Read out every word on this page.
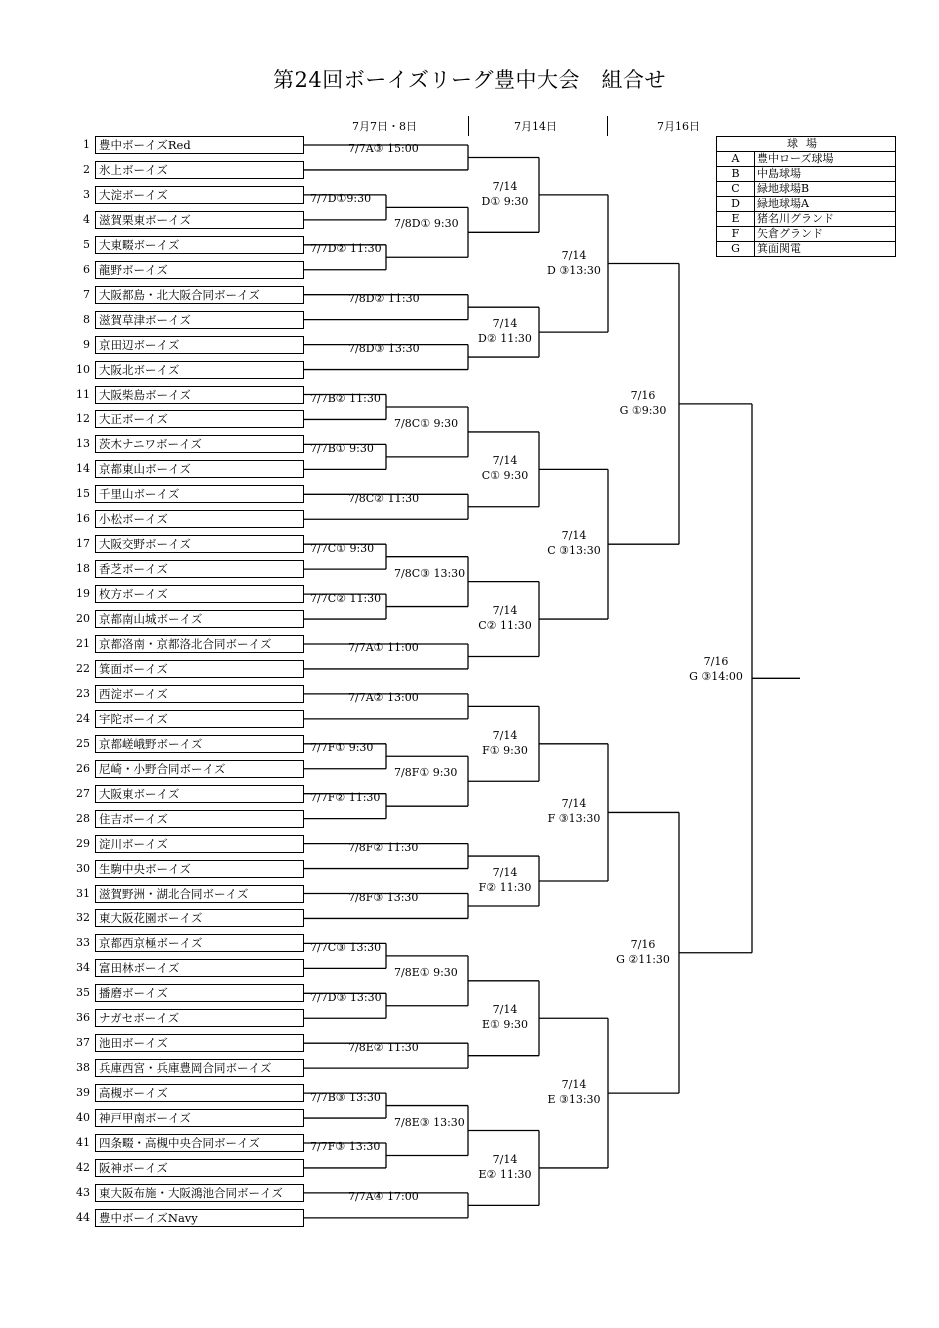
第24回ボーイズリーグ豊中大会　組合せ
7月7日・8日	7月14日	7月16日
1 豊中ボーイズRed
2 氷上ボーイズ
3 大淀ボーイズ
4 滋賀栗東ボーイズ
5 大東畷ボーイズ
6 龍野ボーイズ
7 大阪都島・北大阪合同ボーイズ
8 滋賀草津ボーイズ
9 京田辺ボーイズ
10 大阪北ボーイズ
11 大阪柴島ボーイズ
12 大正ボーイズ
13 茨木ナニワボーイズ
14 京都東山ボーイズ
15 千里山ボーイズ
16 小松ボーイズ
17 大阪交野ボーイズ
18 香芝ボーイズ
19 枚方ボーイズ
20 京都南山城ボーイズ
21 京都洛南・京都洛北合同ボーイズ
22 箕面ボーイズ
23 西淀ボーイズ
24 宇陀ボーイズ
25 京都嵯峨野ボーイズ
26 尼崎・小野合同ボーイズ
27 大阪東ボーイズ
28 住吉ボーイズ
29 淀川ボーイズ
30 生駒中央ボーイズ
31 滋賀野洲・湖北合同ボーイズ
32 東大阪花園ボーイズ
33 京都西京極ボーイズ
34 富田林ボーイズ
35 播磨ボーイズ
36 ナガセボーイズ
37 池田ボーイズ
38 兵庫西宮・兵庫豊岡合同ボーイズ
39 高槻ボーイズ
40 神戸甲南ボーイズ
41 四条畷・高槻中央合同ボーイズ
42 阪神ボーイズ
43 東大阪布施・大阪鴻池合同ボーイズ
44 豊中ボーイズNavy
7/7A③ 15:00
7/7D①9:30
7/7D② 11:30
7/8D② 11:30
7/8D③ 13:30
7/7B② 11:30
7/7B① 9:30
7/8C② 11:30
7/7C① 9:30
7/7C② 11:30
7/7A① 11:00
7/7A② 13:00
7/7F① 9:30
7/7F② 11:30
7/8F② 11:30
7/8F③ 13:30
7/7C③ 13:30
7/7D③ 13:30
7/8E② 11:30
7/7B③ 13:30
7/7F③ 13:30
7/7A④ 17:00
7/8D① 9:30
7/8C① 9:30
7/8C③ 13:30
7/8F① 9:30
7/8E① 9:30
7/8E③ 13:30
7/14
D① 9:30
7/14
D② 11:30
7/14
C① 9:30
7/14
C② 11:30
7/14
F① 9:30
7/14
F② 11:30
7/14
E① 9:30
7/14
E② 11:30
7/14
D ③13:30
7/14
C ③13:30
7/14
F ③13:30
7/14
E ③13:30
7/16
G ①9:30
7/16
G ②11:30
7/16
G ③14:00
球場	
A	豊中ローズ球場
B	中島球場
C	緑地球場B
D	緑地球場A
E	猪名川グランド
F	矢倉グランド
G	箕面関電
